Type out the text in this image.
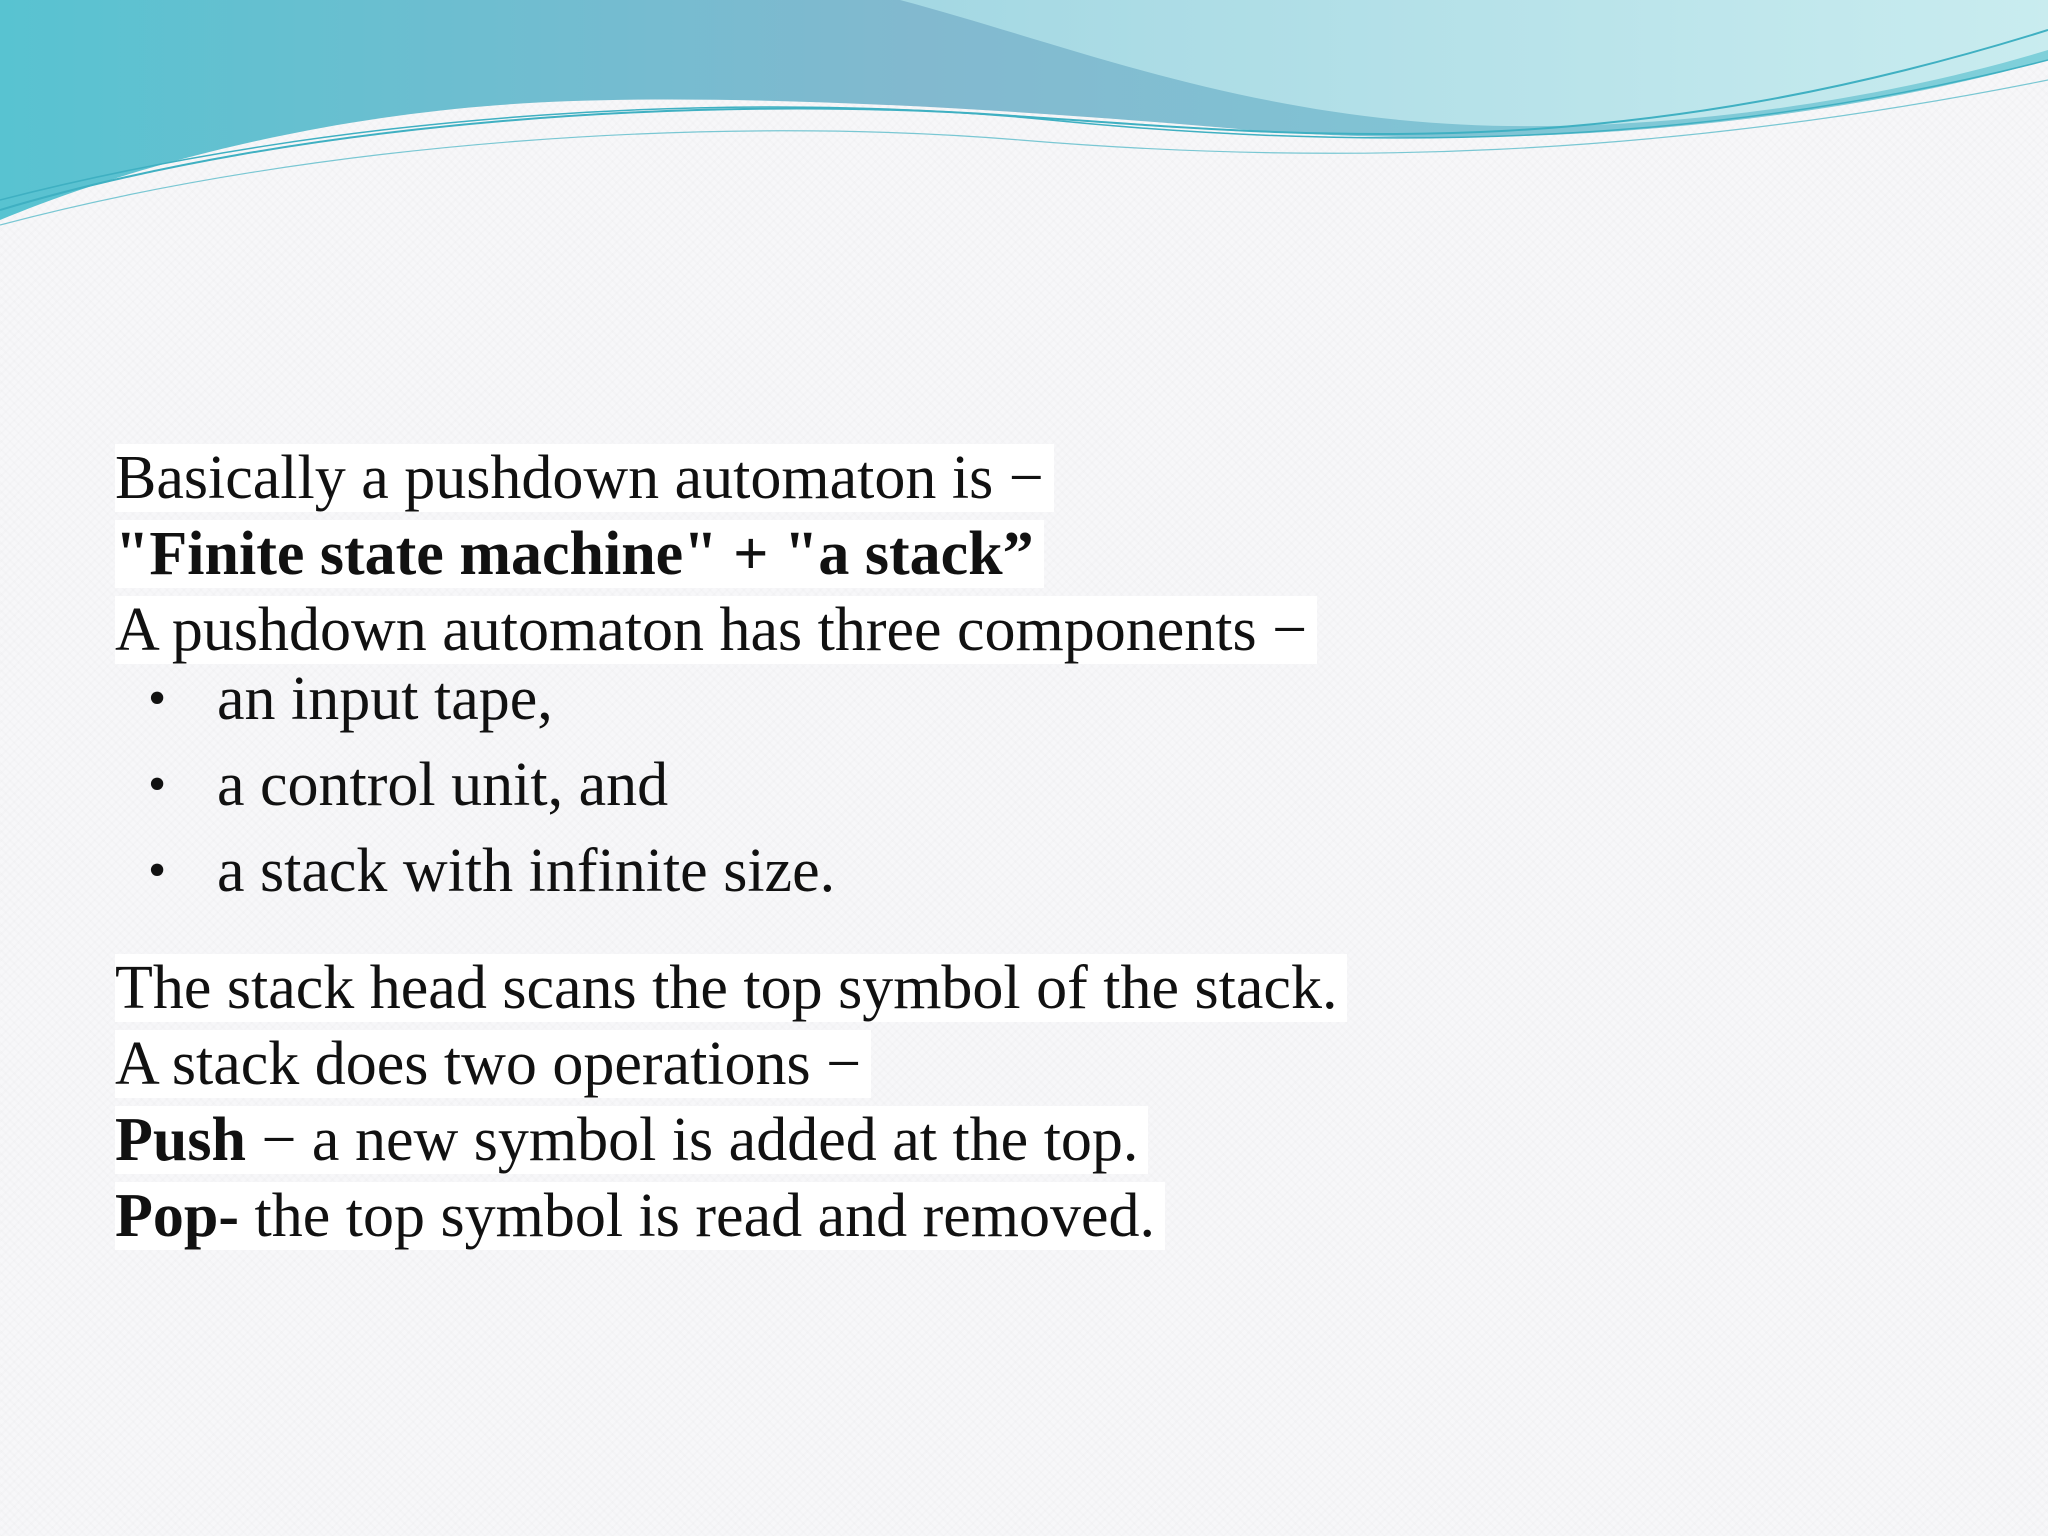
Basically a pushdown automaton is −
"Finite state machine" + "a stack”
A pushdown automaton has three components −
• an input tape,
• a control unit, and
• a stack with infinite size.
The stack head scans the top symbol of the stack.
A stack does two operations −
Push − a new symbol is added at the top.
Pop- the top symbol is read and removed.
